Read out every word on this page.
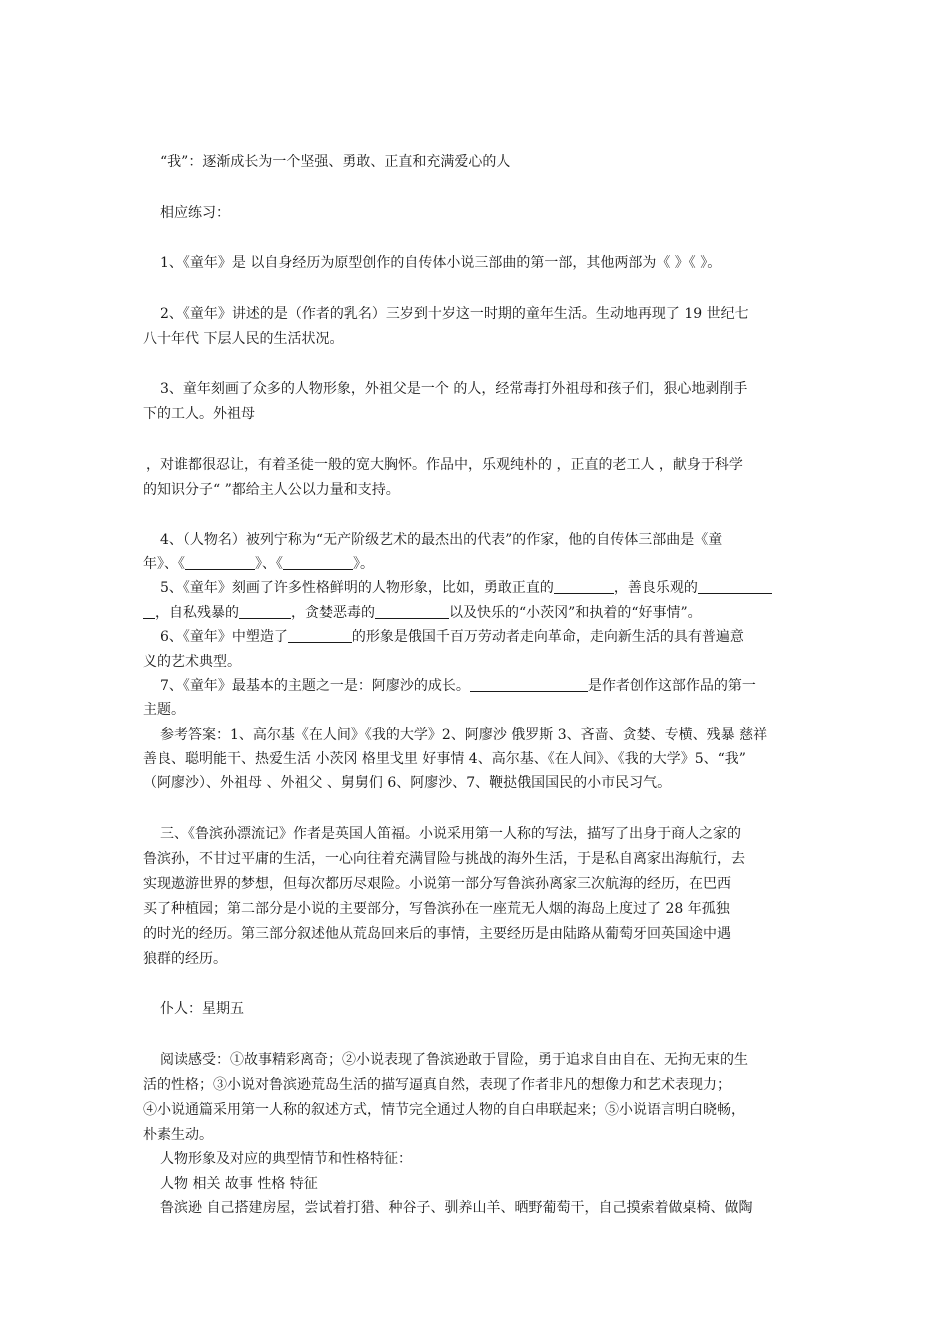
“我”：逐渐成长为一个坚强、勇敢、正直和充满爱心的人
相应练习：
1、《童年》是 以自身经历为原型创作的自传体小说三部曲的第一部，其他两部为《 》《 》。
2、《童年》讲述的是（作者的乳名）三岁到十岁这一时期的童年生活。生动地再现了 19 世纪七
八十年代 下层人民的生活状况。
3、童年刻画了众多的人物形象，外祖父是一个 的人，经常毒打外祖母和孩子们，狠心地剥削手
下的工人。外祖母
，对谁都很忍让，有着圣徒一般的宽大胸怀。作品中，乐观纯朴的 ，正直的老工人 ，献身于科学
的知识分子“ ”都给主人公以力量和支持。
4、（人物名）被列宁称为“无产阶级艺术的最杰出的代表”的作家，他的自传体三部曲是《童
年》、《	》、《	》。
5、《童年》刻画了许多性格鲜明的人物形象，比如，勇敢正直的	，善良乐观的
，自私残暴的	，贪婪恶毒的	以及快乐的“小茨冈”和执着的“好事情”。
6、《童年》中塑造了	的形象是俄国千百万劳动者走向革命，走向新生活的具有普遍意
义的艺术典型。
7、《童年》最基本的主题之一是：阿廖沙的成长。	是作者创作这部作品的第一
主题。
参考答案：1、高尔基《在人间》《我的大学》2、阿廖沙 俄罗斯 3、吝啬、贪婪、专横、残暴 慈祥
善良、聪明能干、热爱生活 小茨冈 格里戈里 好事情 4、高尔基、《在人间》、《我的大学》5、“我”
（阿廖沙）、外祖母 、外祖父 、舅舅们 6、阿廖沙、7、鞭挞俄国国民的小市民习气。
三、《鲁滨孙漂流记》作者是英国人笛福。小说采用第一人称的写法，描写了出身于商人之家的
鲁滨孙，不甘过平庸的生活，一心向往着充满冒险与挑战的海外生活，于是私自离家出海航行，去
实现遨游世界的梦想，但每次都历尽艰险。小说第一部分写鲁滨孙离家三次航海的经历，在巴西
买了种植园；第二部分是小说的主要部分，写鲁滨孙在一座荒无人烟的海岛上度过了 28 年孤独
的时光的经历。第三部分叙述他从荒岛回来后的事情，主要经历是由陆路从葡萄牙回英国途中遇
狼群的经历。
仆人：星期五
阅读感受：①故事精彩离奇；②小说表现了鲁滨逊敢于冒险，勇于追求自由自在、无拘无束的生
活的性格；③小说对鲁滨逊荒岛生活的描写逼真自然，表现了作者非凡的想像力和艺术表现力；
④小说通篇采用第一人称的叙述方式，情节完全通过人物的自白串联起来；⑤小说语言明白晓畅，
朴素生动。
人物形象及对应的典型情节和性格特征：
人物 相关 故事 性格 特征
鲁滨逊 自己搭建房屋，尝试着打猎、种谷子、驯养山羊、晒野葡萄干，自己摸索着做桌椅、做陶
